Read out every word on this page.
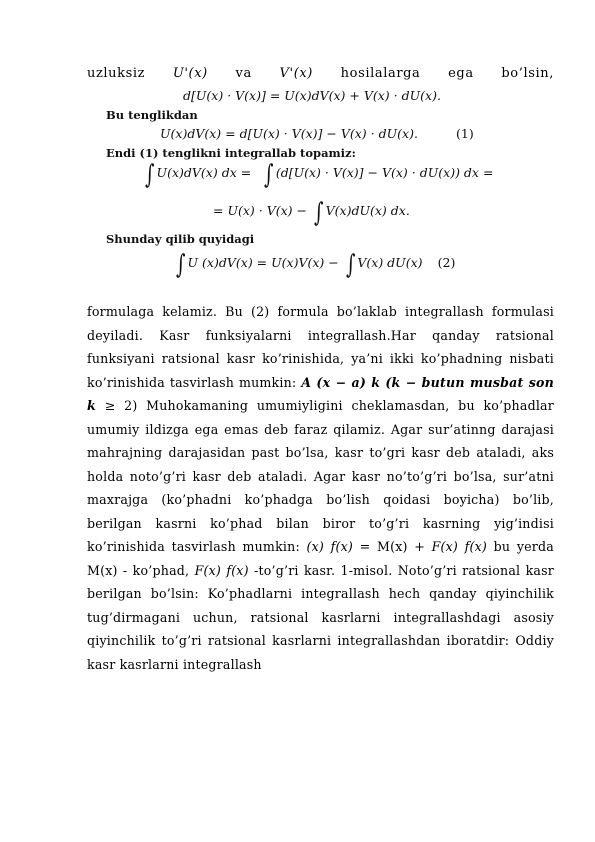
uzluksiz U'(x) va V'(x) hosilalarga ega bo’lsin,
d[U(x) · V(x)] = U(x)dV(x) + V(x) · dU(x).
Bu tenglikdan
U(x)dV(x) = d[U(x) · V(x)] − V(x) · dU(x).	(1)
Endi (1) tenglikni integrallab topamiz:
∫ U(x)dV(x) dx = ∫ (d[U(x) · V(x)] − V(x) · dU(x)) dx =
= U(x) · V(x) − ∫ V(x)dU(x) dx.
Shunday qilib quyidagi
∫ U (x)dV(x) = U(x)V(x) − ∫ V(x) dU(x) (2)
formulaga kelamiz. Bu (2) formula bo’laklab integrallash formulasi deyiladi. Kasr funksiyalarni integrallash.Har qanday ratsional funksiyani ratsional kasr ko’rinishida, ya’ni ikki ko’phadning nisbati ko’rinishida tasvirlash mumkin: A (x − a) k (k − butun musbat son k ≥ 2) Muhokamaning umumiyligini cheklamasdan, bu ko’phadlar umumiy ildizga ega emas deb faraz qilamiz. Agar sur’atinng darajasi mahrajning darajasidan past bo’lsa, kasr to’gri kasr deb ataladi, aks holda noto’g’ri kasr deb ataladi. Agar kasr no’to’g’ri bo’lsa, sur’atni maxrajga (ko’phadni ko’phadga bo’lish qoidasi boyicha) bo’lib, berilgan kasrni ko’phad bilan biror to’g’ri kasrning yig’indisi ko’rinishida tasvirlash mumkin: (x) f(x) = M(x) + F(x) f(x) bu yerda M(x) - ko’phad, F(x) f(x) -to’g’ri kasr. 1-misol. Noto’g’ri ratsional kasr berilgan bo’lsin: Ko’phadlarni integrallash hech qanday qiyinchilik tug’dirmagani uchun, ratsional kasrlarni integrallashdagi asosiy qiyinchilik to’g’ri ratsional kasrlarni integrallashdan iboratdir: Oddiy kasr kasrlarni integrallash
